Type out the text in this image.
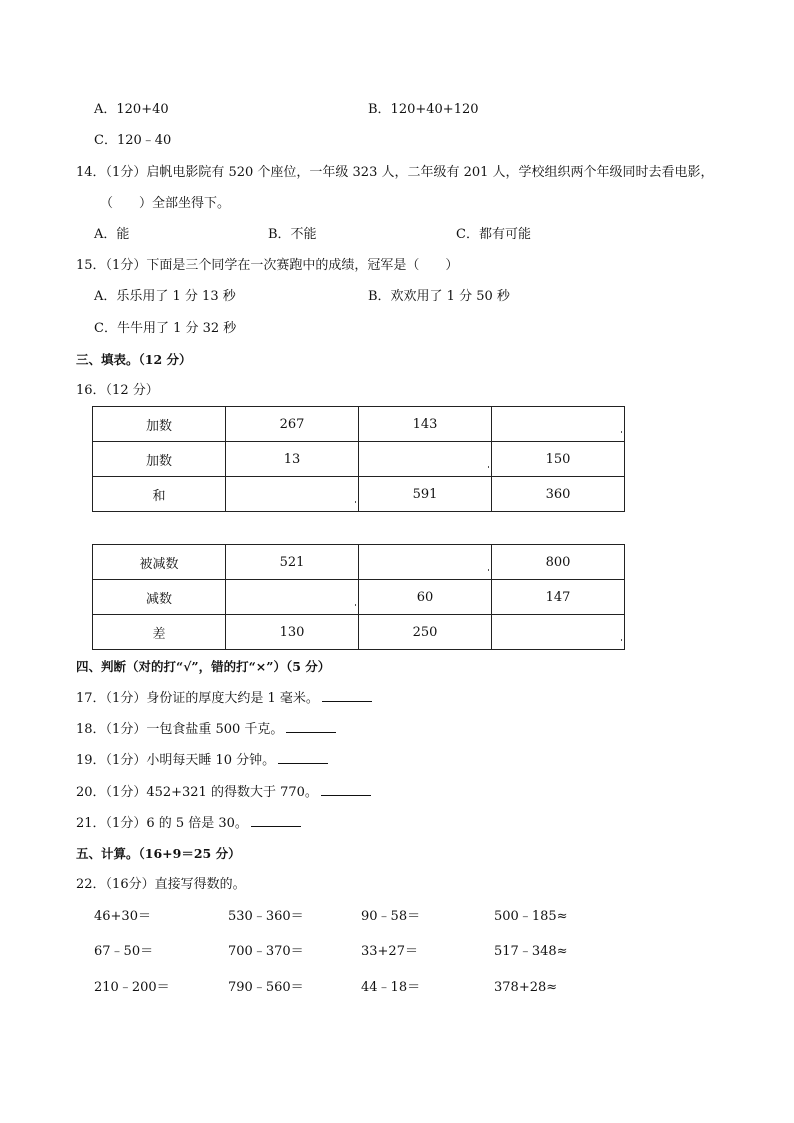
A．120+40	B．120+40+120
C．120﹣40
14．（1分）启帆电影院有 520 个座位，一年级 323 人，二年级有 201 人，学校组织两个年级同时去看电影，
（　　）全部坐得下。
A．能	B．不能	C．都有可能
15．（1分）下面是三个同学在一次赛跑中的成绩，冠军是（　　）
A．乐乐用了 1 分 13 秒	B．欢欢用了 1 分 50 秒
C．牛牛用了 1 分 32 秒
三、填表。（12 分）
16．（12 分）
加数	267	143	
加数	13		150
和		591	360
被减数	521		800
减数		60	147
差	130	250	
四、判断（对的打“√”，错的打“×”）（5 分）
17．（1分）身份证的厚度大约是 1 毫米。
18．（1分）一包食盐重 500 千克。
19．（1分）小明每天睡 10 分钟。
20．（1分）452+321 的得数大于 770。
21．（1分）6 的 5 倍是 30。
五、计算。（16+9＝25 分）
22．（16分）直接写得数的。
46+30＝	530﹣360＝	90﹣58＝	500﹣185≈
67﹣50＝	700﹣370＝	33+27＝	517﹣348≈
210﹣200＝	790﹣560＝	44﹣18＝	378+28≈
